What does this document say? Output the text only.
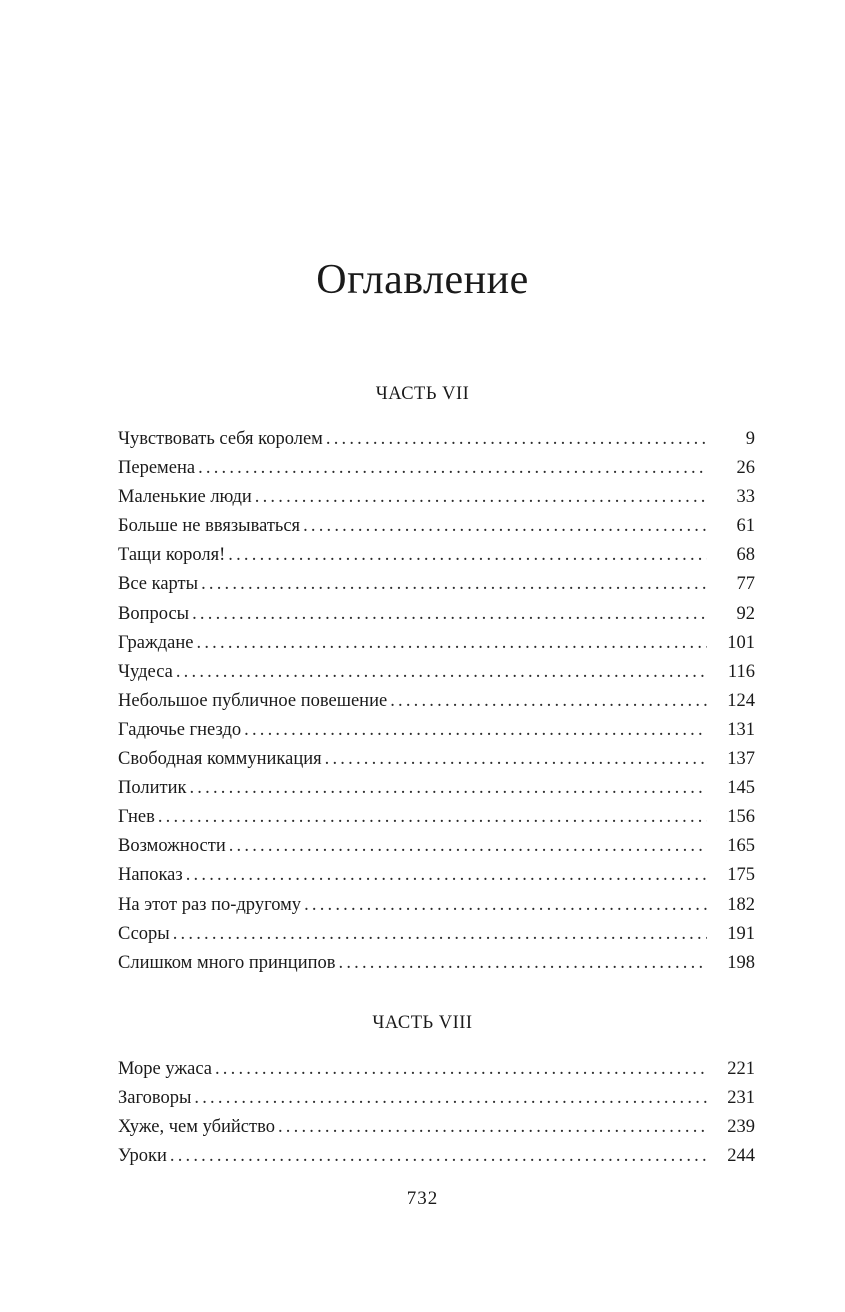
Оглавление
ЧАСТЬ VII
Чувствовать себя королем .....	9
Перемена .....	26
Маленькие люди .....	33
Больше не ввязываться .....	61
Тащи короля! .....	68
Все карты .....	77
Вопросы .....	92
Граждане .....	101
Чудеса .....	116
Небольшое публичное повешение .....	124
Гадючье гнездо .....	131
Свободная коммуникация .....	137
Политик .....	145
Гнев .....	156
Возможности .....	165
Напоказ .....	175
На этот раз по-другому .....	182
Ссоры .....	191
Слишком много принципов .....	198
ЧАСТЬ VIII
Море ужаса .....	221
Заговоры .....	231
Хуже, чем убийство .....	239
Уроки .....	244
732
